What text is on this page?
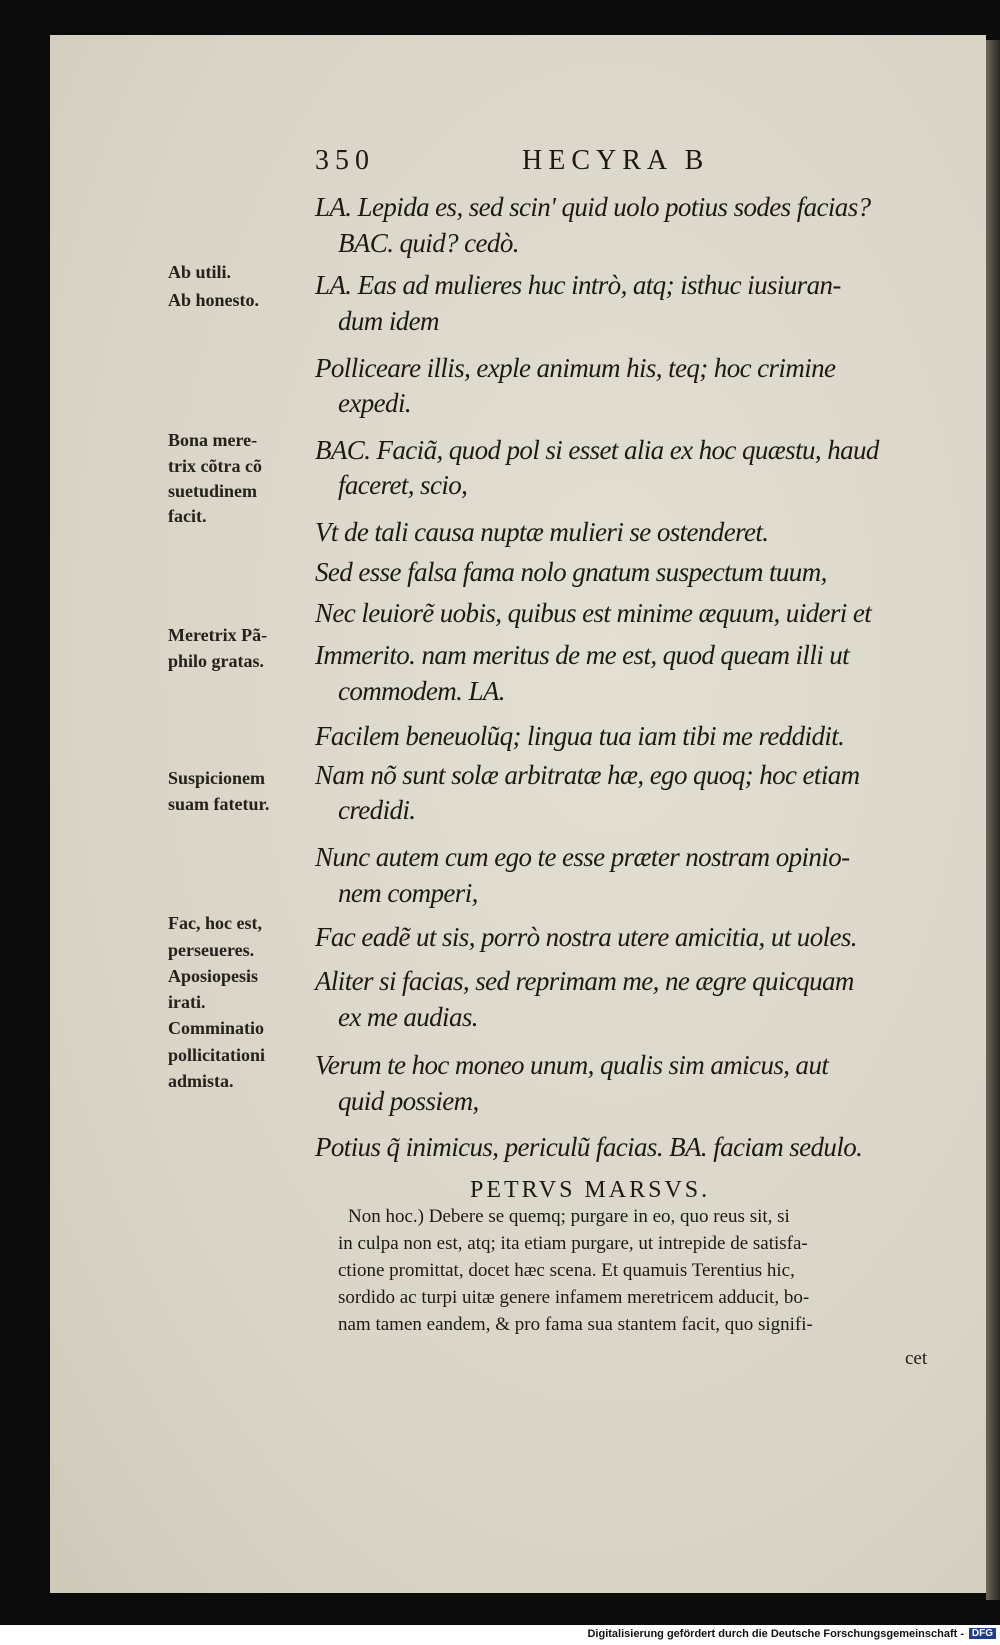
350	HECYRA B
LA. Lepida es, sed scin' quid uolo potius sodes facias?
BAC. quid? cedò.
LA. Eas ad mulieres huc intrò, atq; isthuc iusiuran-
dum idem
Polliceare illis, exple animum his, teq; hoc crimine
expedi.
BAC. Faciã, quod pol si esset alia ex hoc quæstu, haud
faceret, scio,
Vt de tali causa nuptæ mulieri se ostenderet.
Sed esse falsa fama nolo gnatum suspectum tuum,
Nec leuiorẽ uobis, quibus est minime æquum, uideri et
Immerito. nam meritus de me est, quod queam illi ut
commodem. LA.
Facilem beneuolũq; lingua tua iam tibi me reddidit.
Nam nõ sunt solæ arbitratæ hæ, ego quoq; hoc etiam
credidi.
Nunc autem cum ego te esse præter nostram opinio-
nem comperi,
Fac eadẽ ut sis, porrò nostra utere amicitia, ut uoles.
Aliter si facias, sed reprimam me, ne ægre quicquam
ex me audias.
Verum te hoc moneo unum, qualis sim amicus, aut
quid possiem,
Potius q̃ inimicus, periculũ facias. BA. faciam sedulo.
Ab utili.
Ab honesto.
Bona mere-
trix cõtra cõ
suetudinem
facit.
Meretrix Pã-
philo gratas.
Suspicionem
suam fatetur.
Fac, hoc est,
perseueres.
Aposiopesis
irati.
Comminatio
pollicitationi
admista.
PETRVS MARSVS.
Non hoc.) Debere se quemq; purgare in eo, quo reus sit, si
in culpa non est, atq; ita etiam purgare, ut intrepide de satisfa-
ctione promittat, docet hæc scena. Et quamuis Terentius hic,
sordido ac turpi uitæ genere infamem meretricem adducit, bo-
nam tamen eandem, & pro fama sua stantem facit, quo signifi-
cet
Digitalisierung gefördert durch die Deutsche Forschungsgemeinschaft - DFG
